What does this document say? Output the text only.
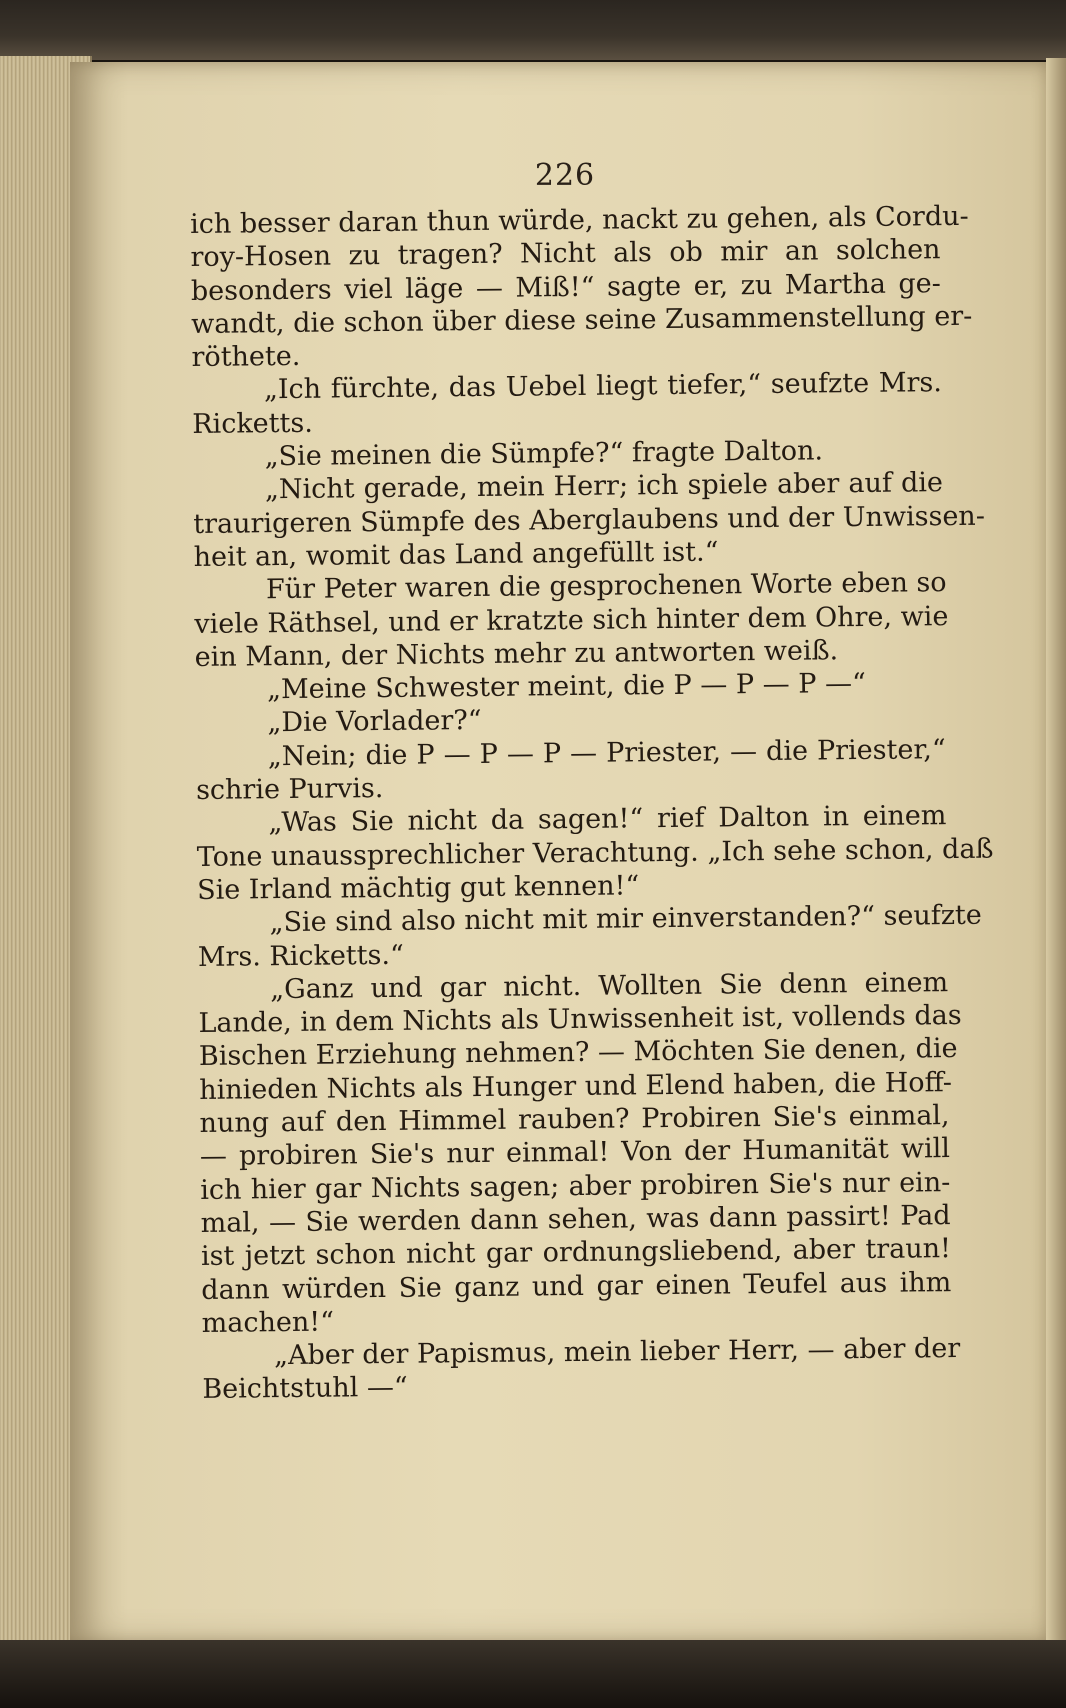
226
ich besser daran thun würde, nackt zu gehen, als Cordu-
roy-Hosen zu tragen? Nicht als ob mir an solchen
besonders viel läge — Miß!“ sagte er, zu Martha ge-
wandt, die schon über diese seine Zusammenstellung er-
röthete.
„Ich fürchte, das Uebel liegt tiefer,“ seufzte Mrs.
Ricketts.
„Sie meinen die Sümpfe?“ fragte Dalton.
„Nicht gerade, mein Herr; ich spiele aber auf die
traurigeren Sümpfe des Aberglaubens und der Unwissen-
heit an, womit das Land angefüllt ist.“
Für Peter waren die gesprochenen Worte eben so
viele Räthsel, und er kratzte sich hinter dem Ohre, wie
ein Mann, der Nichts mehr zu antworten weiß.
„Meine Schwester meint, die P — P — P —“
„Die Vorlader?“
„Nein; die P — P — P — Priester, — die Priester,“
schrie Purvis.
„Was Sie nicht da sagen!“ rief Dalton in einem
Tone unaussprechlicher Verachtung. „Ich sehe schon, daß
Sie Irland mächtig gut kennen!“
„Sie sind also nicht mit mir einverstanden?“ seufzte
Mrs. Ricketts.“
„Ganz und gar nicht. Wollten Sie denn einem
Lande, in dem Nichts als Unwissenheit ist, vollends das
Bischen Erziehung nehmen? — Möchten Sie denen, die
hinieden Nichts als Hunger und Elend haben, die Hoff-
nung auf den Himmel rauben? Probiren Sie's einmal,
— probiren Sie's nur einmal! Von der Humanität will
ich hier gar Nichts sagen; aber probiren Sie's nur ein-
mal, — Sie werden dann sehen, was dann passirt! Pad
ist jetzt schon nicht gar ordnungsliebend, aber traun!
dann würden Sie ganz und gar einen Teufel aus ihm
machen!“
„Aber der Papismus, mein lieber Herr, — aber der
Beichtstuhl —“
